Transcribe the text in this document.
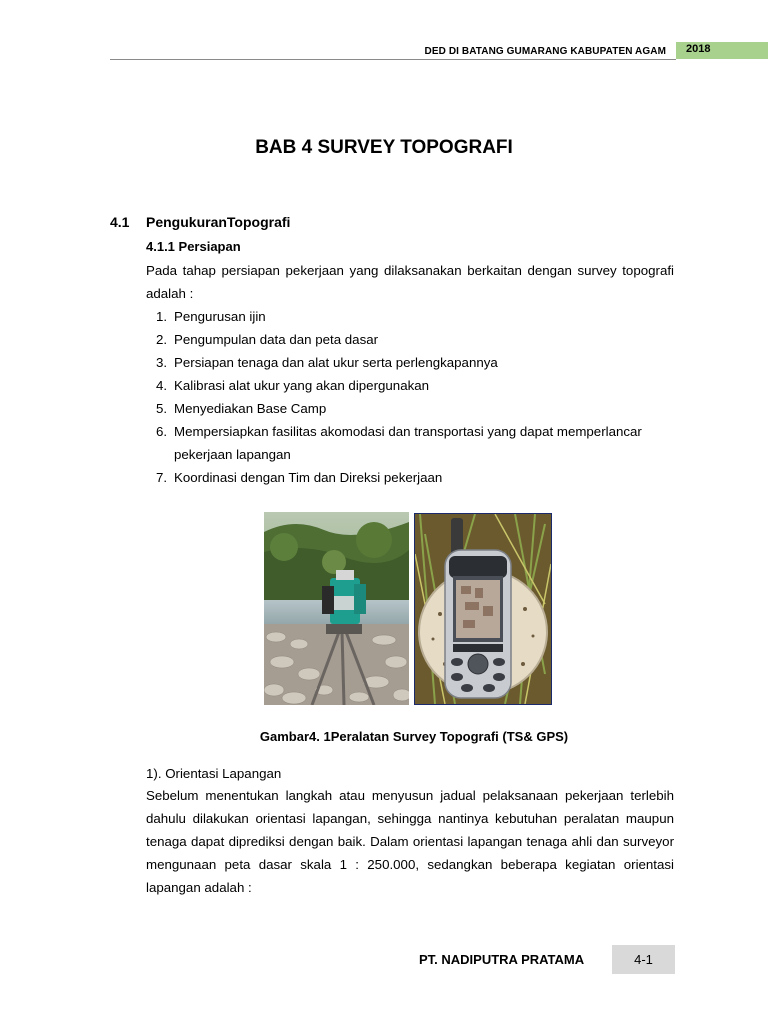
DED DI BATANG GUMARANG KABUPATEN AGAM	2018
BAB 4 SURVEY TOPOGRAFI
4.1 PengukuranTopografi
4.1.1 Persiapan

Pada tahap persiapan pekerjaan yang dilaksanakan berkaitan dengan survey topografi adalah :

1. Pengurusan ijin
2. Pengumpulan data dan peta dasar
3. Persiapan tenaga dan alat ukur serta perlengkapannya
4. Kalibrasi alat ukur yang akan dipergunakan
5. Menyediakan Base Camp
6. Mempersiapkan fasilitas akomodasi dan transportasi yang dapat memperlancar pekerjaan lapangan
7. Koordinasi dengan Tim dan Direksi pekerjaan
Gambar4. 1Peralatan Survey Topografi (TS& GPS)
1). Orientasi Lapangan

Sebelum menentukan langkah atau menyusun jadual pelaksanaan pekerjaan terlebih dahulu dilakukan orientasi lapangan, sehingga nantinya kebutuhan peralatan maupun tenaga dapat diprediksi dengan baik. Dalam orientasi lapangan tenaga ahli dan surveyor mengunaan peta dasar skala 1 : 250.000, sedangkan beberapa kegiatan orientasi lapangan adalah :

PT. NADIPUTRA PRATAMA	4-1
